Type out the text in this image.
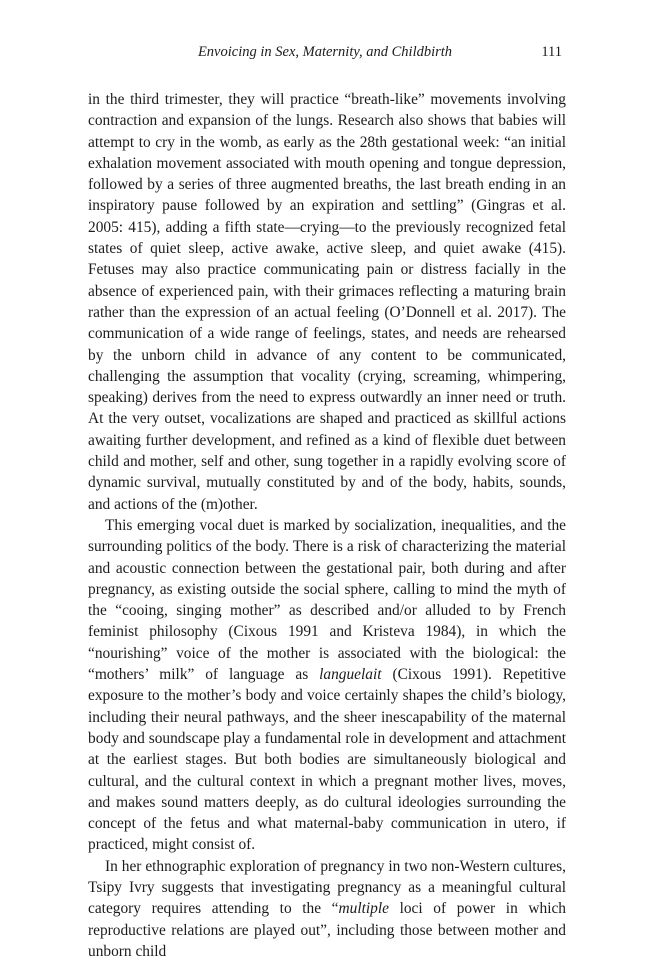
Envoicing in Sex, Maternity, and Childbirth	111

in the third trimester, they will practice “breath-like” movements involving contraction and expansion of the lungs. Research also shows that babies will attempt to cry in the womb, as early as the 28th gestational week: “an initial exhalation movement associated with mouth opening and tongue depression, followed by a series of three augmented breaths, the last breath ending in an inspiratory pause followed by an expiration and settling” (Gingras et al. 2005: 415), adding a fifth state—crying—to the previously recognized fetal states of quiet sleep, active awake, active sleep, and quiet awake (415). Fetuses may also practice communicating pain or distress facially in the absence of experienced pain, with their grimaces reflecting a maturing brain rather than the expression of an actual feeling (O’Donnell et al. 2017). The communication of a wide range of feelings, states, and needs are rehearsed by the unborn child in advance of any content to be communicated, challenging the assumption that vocality (crying, screaming, whimpering, speaking) derives from the need to express outwardly an inner need or truth. At the very outset, vocalizations are shaped and practiced as skillful actions awaiting further development, and refined as a kind of flexible duet between child and mother, self and other, sung together in a rapidly evolving score of dynamic survival, mutually constituted by and of the body, habits, sounds, and actions of the (m)other.

This emerging vocal duet is marked by socialization, inequalities, and the surrounding politics of the body. There is a risk of characterizing the material and acoustic connection between the gestational pair, both during and after pregnancy, as existing outside the social sphere, calling to mind the myth of the “cooing, singing mother” as described and/or alluded to by French feminist philosophy (Cixous 1991 and Kristeva 1984), in which the “nourishing” voice of the mother is associated with the biological: the “mothers’ milk” of language as languelait (Cixous 1991). Repetitive exposure to the mother’s body and voice certainly shapes the child’s biology, including their neural pathways, and the sheer inescapability of the maternal body and soundscape play a fundamental role in development and attachment at the earliest stages. But both bodies are simultaneously biological and cultural, and the cultural context in which a pregnant mother lives, moves, and makes sound matters deeply, as do cultural ideologies surrounding the concept of the fetus and what maternal-baby communication in utero, if practiced, might consist of.

In her ethnographic exploration of pregnancy in two non-Western cultures, Tsipy Ivry suggests that investigating pregnancy as a meaningful cultural category requires attending to the “multiple loci of power in which reproductive relations are played out”, including those between mother and unborn child
